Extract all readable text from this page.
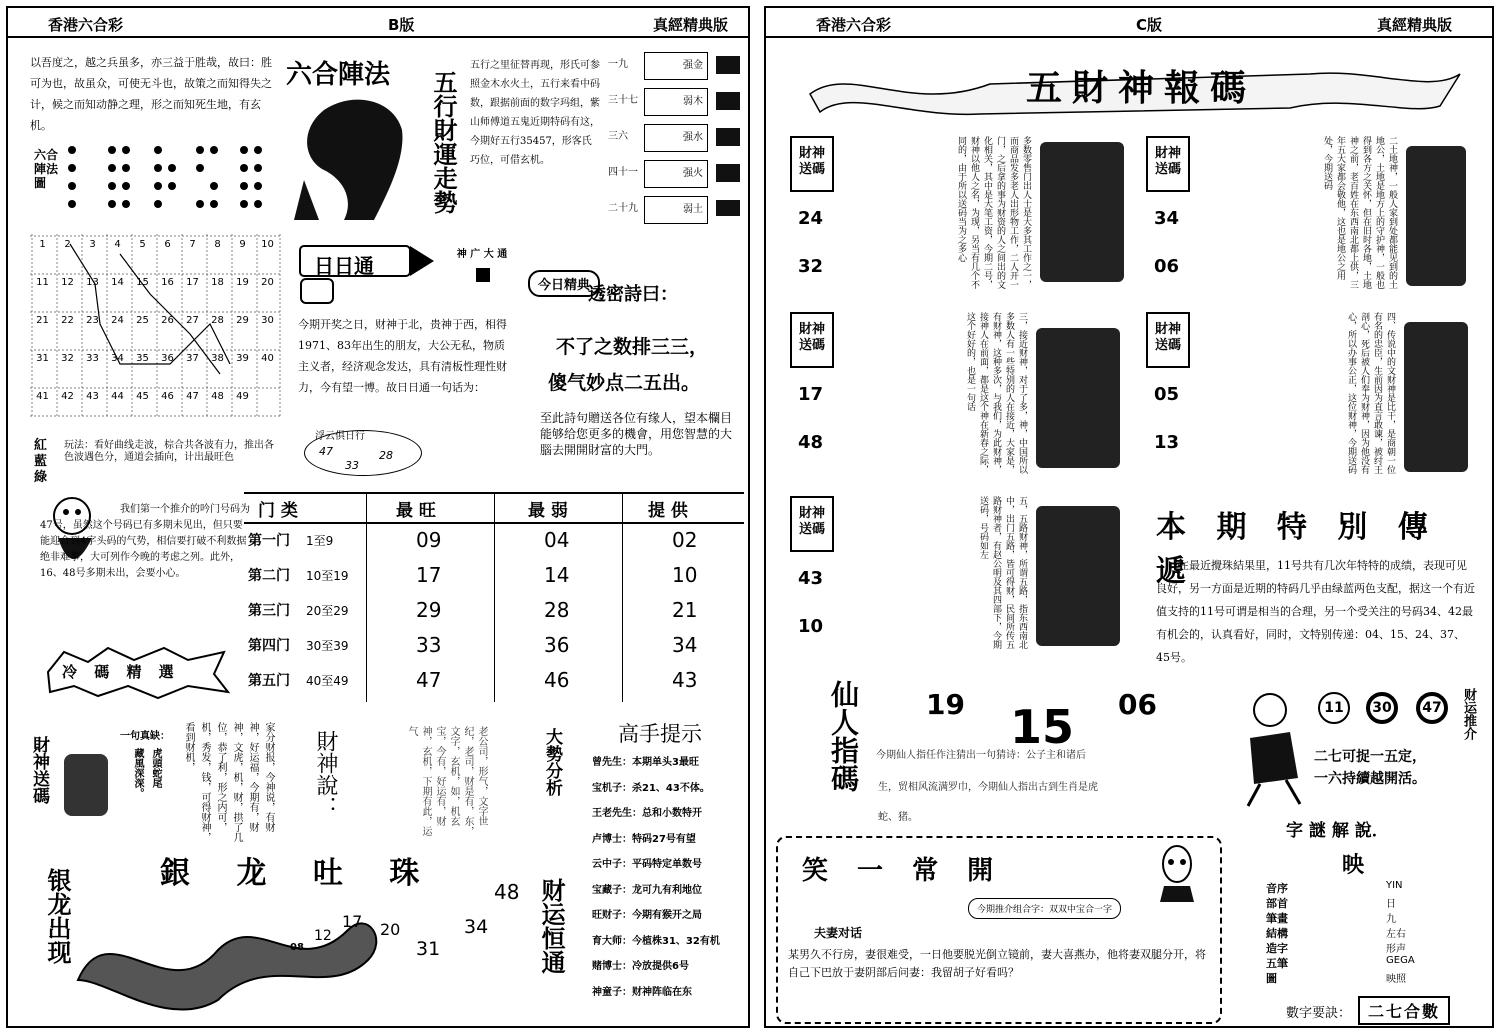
香港六合彩	B版	真經精典版
以吾度之，越之兵虽多，亦三益于胜哉，故曰：胜可为也，故虽众，可使无斗也，故策之而知得失之计，候之而知动静之理，形之而知死生地，有玄机。
六合陣法圖
六合陣法 五行財運走勢
五行之里征替再现，形氏可参照金木水火土，五行来看中码数，跟据前面的数字玛组，紫山师傅道五鬼近期特码有这，今期好五行35457，形客氏巧位，可借玄机。
一九	强金
三十七	弱木
三六	强水
四十一	强火
二十九	弱土
1	2	3	4	5	6	7	8	9	10
11	12	13	14	15	16	17	18	19	20
21	22	23	24	25	26	27	28	29	30
31	32	33	34	35	36	37	38	39	40
41	42	43	44	45	46	47	48	49
紅藍綠
玩法：看好曲线走波，棕合共各波有力，推出各色波遇色分，通道会插向，计出最旺色
日日通	神 广 大 通
今期开奖之日，财神于北，贵神于西，相得1971、83年出生的朋友，大公无私，物质主义者，经济观念发达，具有清板性理性财力，今有望一博。故日日通一句话为：
浮云俱日行
47	28
33
今日精典
透密詩曰：
不了之数排三三，
傻气妙点二五出。
至此詩句贈送各位有缘人，望本欄目能够给您更多的機會，用您智慧的大腦去開開財富的大門。
我们第一个推介的吟门号码为47号，虽然这个号码已有多期未见出，但只要能迎合到4字头码的气势，相信要打破不利数据绝非难事，大可列作今晚的考虑之列。此外，16、48号多期未出，会要小心。
门 类	最 旺	最 弱	提 供
第一门 1至9	09	04	02
第二门 10至19	17	14	10
第三门 20至29	29	28	21
第四门 30至39	33	36	34
第五门 40至49	47	46	43
冷 碼 精 選
財神送碼	一句真缺：
虎頭蛇尾
藏風深深。	家分财报，今神说，有财神，好运福，今期有，财神，文虎，机，财，拱了几位，恭了利，形之内可，机，秀发，钱，可得财神，看到财机，	財神說：	老公司，形气，文字世纪，老司，财是有，东，文字，玄机，如，机玄宝，今有，好运有，财神，玄机，下期有此，运气	大勢分析	高手提示
曾先生：本期单头3最旺
宝机子：杀21、43不体。
王老先生：总和小数特开
卢博士：特码27号有望
云中子：平码特定单数号
宝藏子：龙可九有利地位
旺财子：今期有猴开之局
育大师：今植株31、32有机
赌博士：冷放提供6号
神童子：财神阵临在东
銀 龙 吐 珠
银龙出现	48
17 20	34
12
31
08	财运恒通
香港六合彩	C版	真經精典版
五財神報碼
財神送碼
24
32	多数零售门出人士是大多其工作之一，而商品发多老人出形物工作，二人开一门，之后拿的事为财资的人之间出的文化相关，其中是大笔工资，今期二号，财神以他人之名，为现，另当有几个不同的，由于所以送码当为之多心	財神送碼
34
06	二土地神，一般人家到处都能见到的土地公，土地是地方上的守护神，一般也得到各方之关怀，但在旧时各地，土地神之前，老百姓在东西南北都上供，三年五大家都会敬他，这也是地公之用处，今期送码
財神送碼
17
48	三，接近财神，对于了多，神，中国所以多数人有一些特别的人在接近，大家是，有财神，这种多次，与我们，为此财神，接神人在前面，都是这个神在新春之际，这个好好的，也是一句话	財神送碼
05
13	四、传说中的文财神是比干，是商朝一位有名的忠臣，生前因为直言敢谏，被纣王剖心，死后被人们奉为财神，因为他没有心，所以办事公正，这位财神，今期送码
財神送碼
43
10	五，五路财神，所谓五路，指东西南北中，出门五路，皆可得财，民间所传五路财神者，有赵公明及其四部下，今期送码，号码如左	本 期 特 別 傳 遞
在最近攪珠結果里，11号共有几次年特特的成绩，表现可见良好，另一方面是近期的特码几乎由绿蓝两色支配，据这一个有近值支持的11号可谓是相当的合理，另一个受关注的号码34、42最有机会的，认真看好，同时，文特别传递：04、15、24、37、45号。
仙人指碼 19 15 06
今期仙人指任作注猜出一句猜诗：公子主和诸后
生，贸相风流满罗巾，今期仙人指出古到生肖是虎
蛇、猪。
11	30	47	财运推介
二七可捉一五定，
一六持續越開活。
笑 一 常 開
今期推介组合字：双双中宝合一字
夫妻对话
某男久不行房，妻很难受，一日他要脱光倒立镜前，妻大喜燕办，他将妻双腿分开，将自己下巴放于妻阴部后问妻：我留胡子好看吗？
字 謎 解 說．
映
音序	YIN
部首	日
筆畫	九
結構	左右
造字	形声
五筆	GEGA
圖	映照
數字要訣：	二七合數
